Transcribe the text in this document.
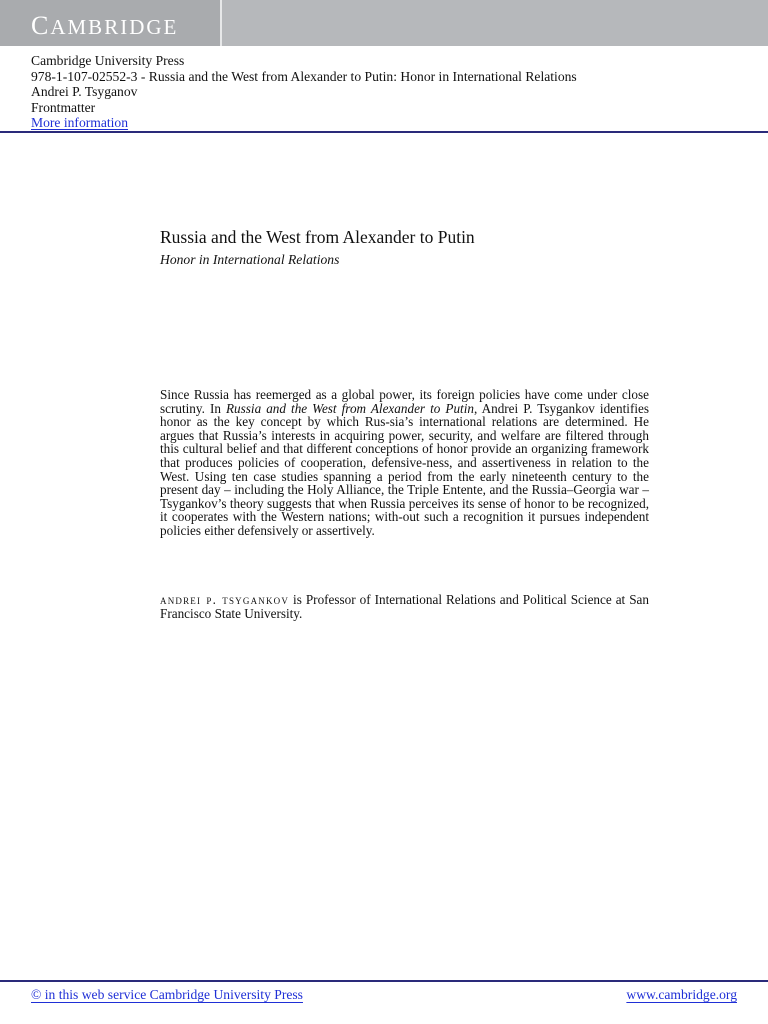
CAMBRIDGE
Cambridge University Press
978-1-107-02552-3 - Russia and the West from Alexander to Putin: Honor in International Relations
Andrei P. Tsyganov
Frontmatter
More information
Russia and the West from Alexander to Putin
Honor in International Relations

Since Russia has reemerged as a global power, its foreign policies have come under close scrutiny. In Russia and the West from Alexander to Putin, Andrei P. Tsygankov identifies honor as the key concept by which Rus-sia’s international relations are determined. He argues that Russia’s interests in acquiring power, security, and welfare are filtered through this cultural belief and that different conceptions of honor provide an organizing framework that produces policies of cooperation, defensive-ness, and assertiveness in relation to the West. Using ten case studies spanning a period from the early nineteenth century to the present day – including the Holy Alliance, the Triple Entente, and the Russia–Georgia war – Tsygankov’s theory suggests that when Russia perceives its sense of honor to be recognized, it cooperates with the Western nations; with-out such a recognition it pursues independent policies either defensively or assertively.

andrei p. tsygankov is Professor of International Relations and Political Science at San Francisco State University.

© in this web service Cambridge University Press	www.cambridge.org
